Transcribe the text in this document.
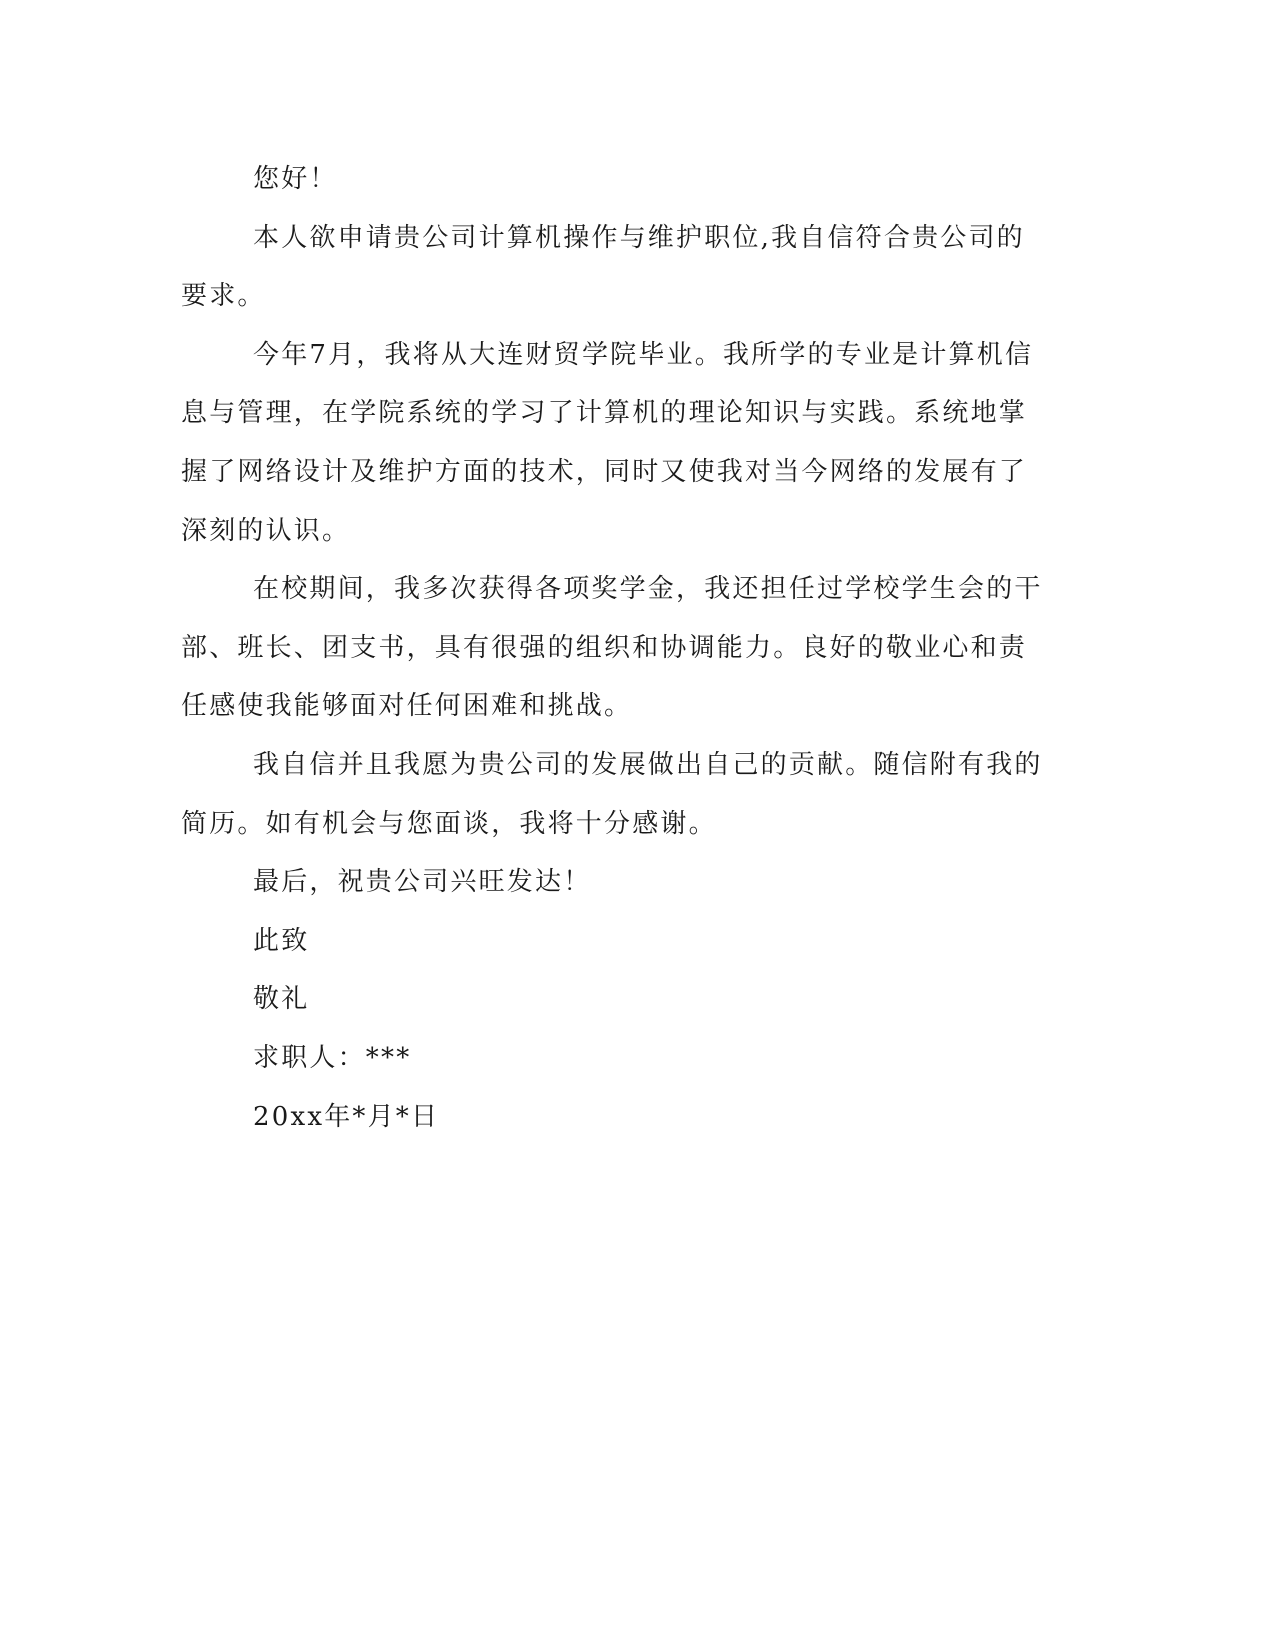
您好！

本人欲申请贵公司计算机操作与维护职位,我自信符合贵公司的要求。

今年7月，我将从大连财贸学院毕业。我所学的专业是计算机信息与管理，在学院系统的学习了计算机的理论知识与实践。系统地掌握了网络设计及维护方面的技术，同时又使我对当今网络的发展有了深刻的认识。

在校期间，我多次获得各项奖学金，我还担任过学校学生会的干部、班长、团支书，具有很强的组织和协调能力。良好的敬业心和责任感使我能够面对任何困难和挑战。

我自信并且我愿为贵公司的发展做出自己的贡献。随信附有我的简历。如有机会与您面谈，我将十分感谢。

最后，祝贵公司兴旺发达！

此致

敬礼

求职人：***

20xx年*月*日
